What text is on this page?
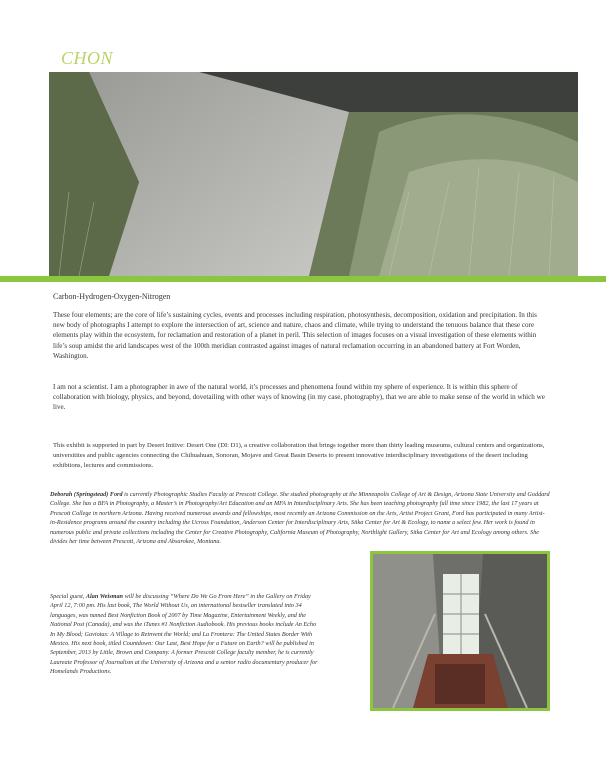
CHON
Carbon-Hydrogen-Oxygen-Nitrogen
These four elements; are the core of life’s sustaining cycles, events and processes including respiration, photosynthesis, decomposition, oxidation and precipitation. In this new body of photographs I attempt to explore the intersection of art, science and nature, chaos and climate, while trying to understand the tenuous balance that these core elements play within the ecosystem, for reclamation and restoration of a planet in peril. This selection of images focuses on a visual investigation of these elements within life’s soup amidst the arid landscapes west of the 100th meridian contrasted against images of natural reclamation occurring in an abandoned battery at Fort Worden, Washington.
I am not a scientist. I am a photographer in awe of the natural world, it’s processes and phenomena found within my sphere of experience. It is within this sphere of collaboration with biology, physics, and beyond, dovetailing with other ways of knowing (in my case, photography), that we are able to make sense of the world in which we live.
This exhibit is supported in part by Desert Initive: Desert One (DI: D1), a creative collaboration that brings together more than thirty leading museums, cultural centers and organizations, universitites and public agencies connecting the Chihuahuan, Sonoran, Mojave and Great Basin Deserts to present innovative interdisciplinary investigations of the desert including exhibtions, lectures and commissions.
Deborah (Springstead) Ford is currently Photographic Studies Faculty at Prescott College. She studied photography at the Minneapolis College of Art & Design, Arizona State University and Goddard College. She has a BFA in Photography, a Master’s in Photography/Art Education and an MFA in Interdisciplinary Arts. She has been teaching photography full time since 1982, the last 17 years at Prescott College in northern Arizona. Having received numerous awards and fellowships, most recently an Arizona Commission on the Arts, Artist Project Grant, Ford has participated in many Artist-in-Residence programs around the country including the Ucross Foundation, Anderson Center for Interdisciplinary Arts, Sitka Center for Art & Ecology, to name a select few. Her work is found in numerous public and private collections including the Center for Creative Photography, California Museum of Photography, Northlight Gallery, Sitka Center for Art and Ecology among others. She divides her time between Prescott, Arizona and Absarokee, Montana.
Special guest, Alan Weisman will be discussing “Where Do We Go From Here” in the Gallery on Friday April 12, 7:00 pm. His last book, The World Without Us, an international bestseller translated into 34 languages, was named Best Nonfiction Book of 2007 by Time Magazine, Entertainment Weekly, and the National Post (Canada), and was the iTunes #1 Nonfiction Audiobook. His previous books include An Echo In My Blood; Gaviotas: A Village to Reinvent the World; and La Frontera: The United States Border With Mexico. His next book, titled Countdown: Our Last, Best Hope for a Future on Earth? will be published in September, 2013 by Little, Brown and Company. A former Prescott College faculty member, he is currently Laureate Professor of Journalism at the University of Arizona and a senior radio documentary producer for Homelands Productions.
